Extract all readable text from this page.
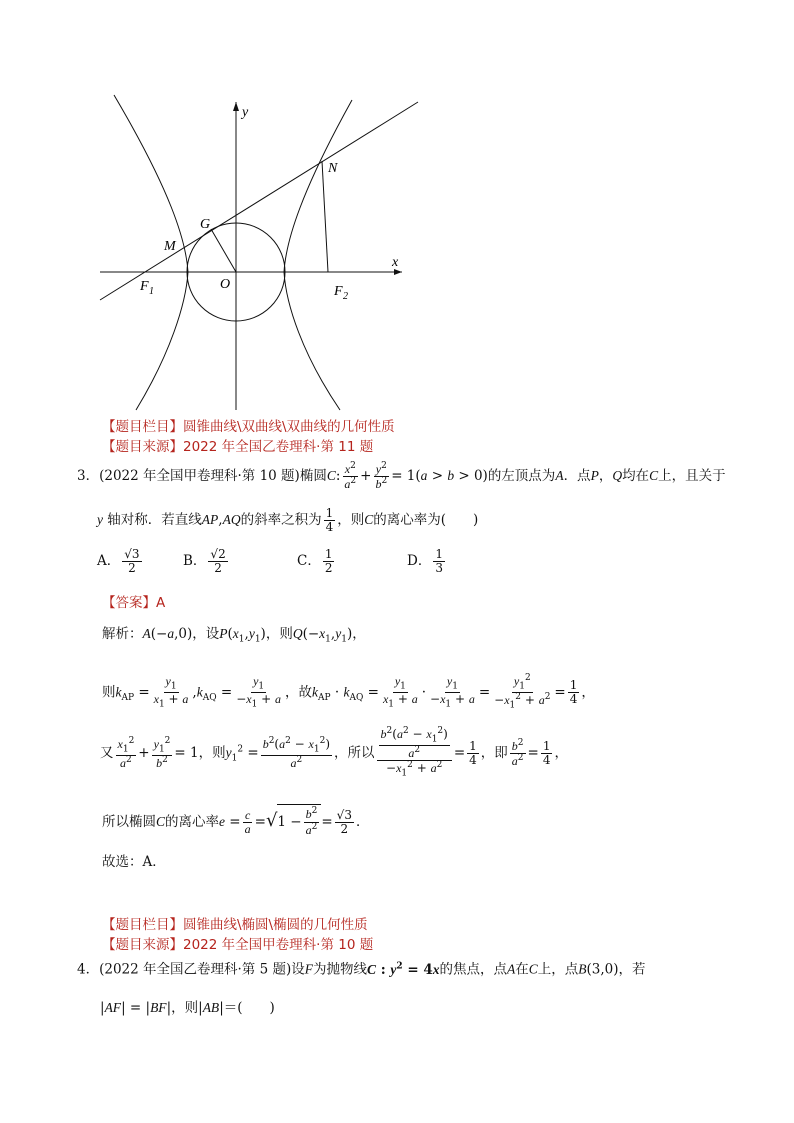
y
x
N
G
M
F 1	O	F 2
【题目栏目】圆锥曲线\双曲线\双曲线的几何性质
【题目来源】2022 年全国乙卷理科·第 11 题
3．(2022 年全国甲卷理科·第 10 题)椭圆C: $\frac{x^2}{a^2} + \frac{y^2}{b^2} = 1(a > b > 0)$的左顶点为A．点P，Q均在C上，且关于
y 轴对称．若直线AP,AQ的斜率之积为 $\frac{1}{4}$ ，则C的离心率为(　　)
A． $\frac{√3}{2}$	B． $\frac{√2}{2}$	C． $\frac{1}{2}$	D． $\frac{1}{3}$
【答案】A
解析：A(−a,0)，设$P(x_1,y_1)$，则$Q(-x_1,y_1)$，
则$k_{AP} = \frac{y_1}{x_1 + a} ,k_{AQ} = \frac{y_1}{-x_1 + a}$ ，故$k_{AP} \cdot k_{AQ} = \frac{y_1}{x_1 + a} \cdot \frac{y_1}{-x_1 + a} = \frac{y_1^2}{-x_1^2 + a^2} = \frac{1}{4}$ ，
又 $\frac{x_1^2}{a^2} + \frac{y_1^2}{b^2} = 1$，则$y_1^2 = \frac{b^2(a^2 - x_1^2)}{a^2}$ ，所以 $\frac{\frac{b^2(a^2 - x_1^2)}{a^2}}{-x_1^2 + a^2} = \frac{1}{4}$ ，即 $\frac{b^2}{a^2} = \frac{1}{4}$ ，
所以椭圆C的离心率$e = \frac{c}{a} =√1 - \frac{b^2}{a^2} = \frac{√3}{2}$ ．
故选：A．
【题目栏目】圆锥曲线\椭圆\椭圆的几何性质
【题目来源】2022 年全国甲卷理科·第 10 题
4．(2022 年全国乙卷理科·第 5 题)设F为抛物线C : $y^2 = 4x$的焦点，点A在C上，点B(3,0)，若
|AF| = |BF|，则|AB|＝(　　)
